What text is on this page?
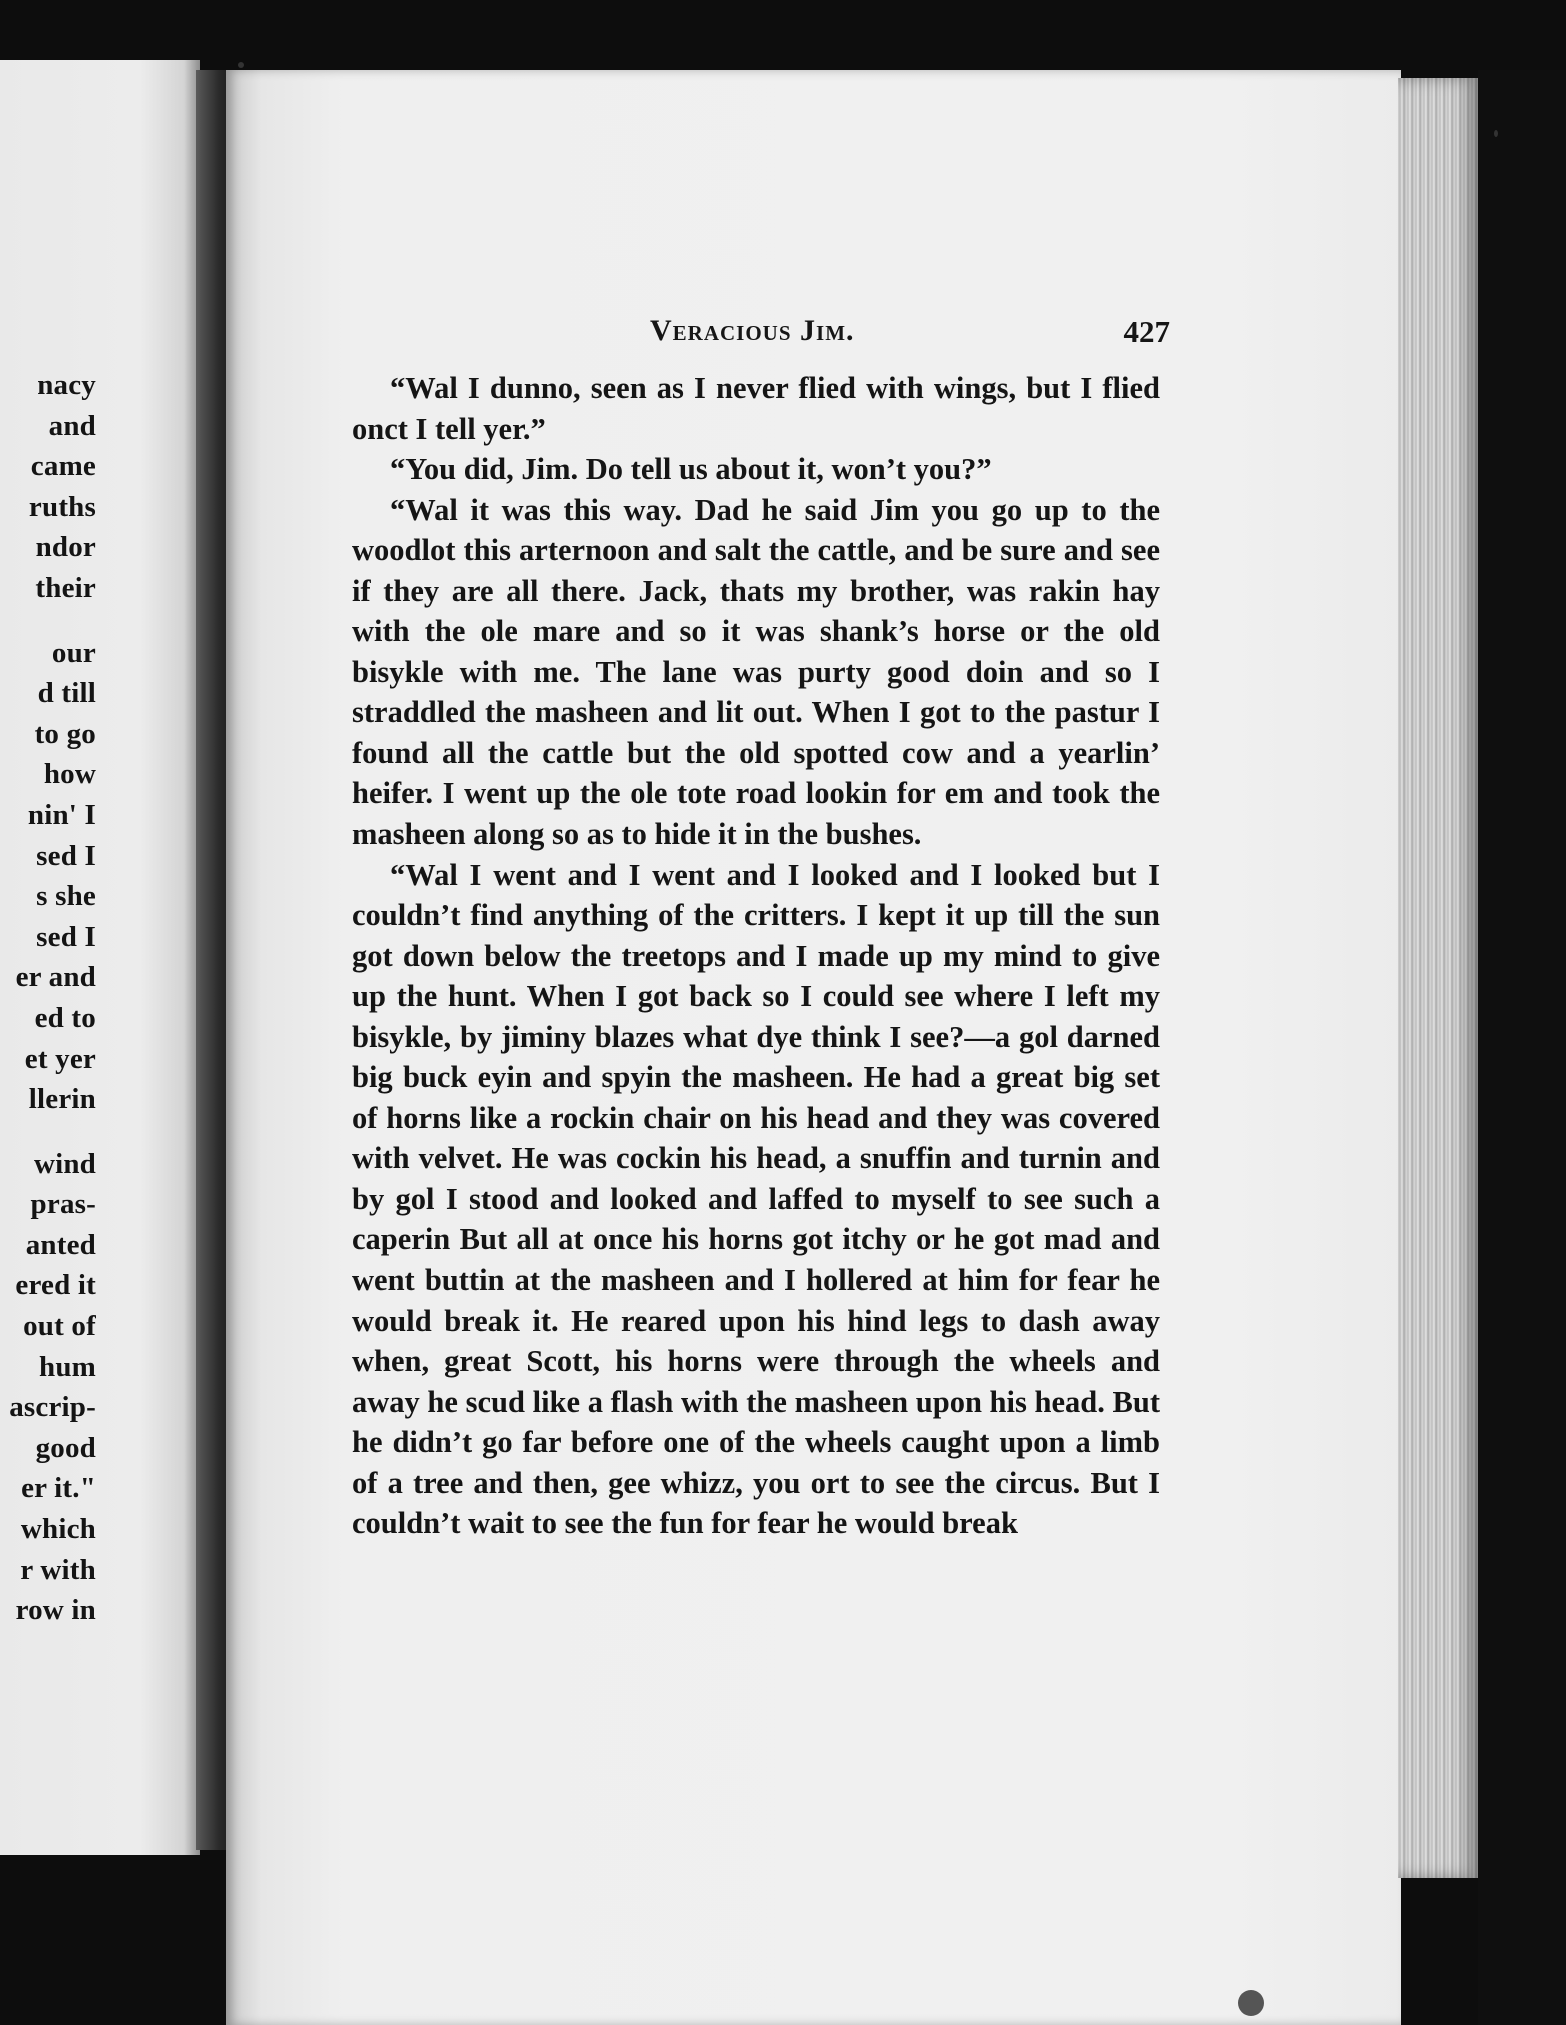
nacy
and
came
ruths
ndor
their
our
d till
to go
how
nin' I
sed I
s she
sed I
er and
ed to
et yer
llerin
wind
pras-
anted
ered it
out of
hum
ascrip-
good
er it."
which
r with
row in
Veracious Jim.	427

“Wal I dunno, seen as I never flied with wings, but I flied onct I tell yer.”

“You did, Jim. Do tell us about it, won’t you?”

“Wal it was this way. Dad he said Jim you go up to the woodlot this arternoon and salt the cattle, and be sure and see if they are all there. Jack, thats my brother, was rakin hay with the ole mare and so it was shank’s horse or the old bisykle with me. The lane was purty good doin and so I straddled the masheen and lit out. When I got to the pastur I found all the cattle but the old spotted cow and a yearlin’ heifer. I went up the ole tote road lookin for em and took the masheen along so as to hide it in the bushes.

“Wal I went and I went and I looked and I looked but I couldn’t find anything of the critters. I kept it up till the sun got down below the treetops and I made up my mind to give up the hunt. When I got back so I could see where I left my bisykle, by jiminy blazes what dye think I see?—a gol darned big buck eyin and spyin the masheen. He had a great big set of horns like a rockin chair on his head and they was covered with velvet. He was cockin his head, a snuffin and turnin and by gol I stood and looked and laffed to myself to see such a caperin But all at once his horns got itchy or he got mad and went buttin at the masheen and I hollered at him for fear he would break it. He reared upon his hind legs to dash away when, great Scott, his horns were through the wheels and away he scud like a flash with the masheen upon his head. But he didn’t go far before one of the wheels caught upon a limb of a tree and then, gee whizz, you ort to see the circus. But I couldn’t wait to see the fun for fear he would break
